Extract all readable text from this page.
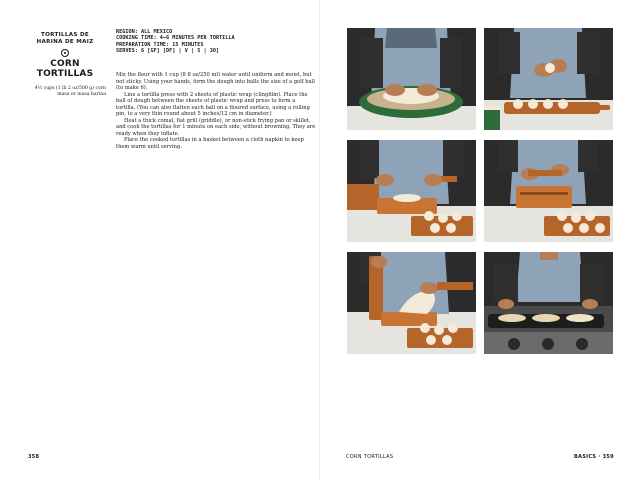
TORTILLAS DE HARINA DE MAIZ
CORN TORTILLAS
4½ cups (1 lb 2 oz/500 g) corn masa or masa harina
REGION: ALL MEXICO
COOKING TIME: 4–6 MINUTES PER TORTILLA
PREPARATION TIME: 15 MINUTES
SERVES: 6 [GF] [DF] | V | 5 | 30]

Mix the flour with 1 cup (8 fl oz/250 ml) water until uniform and moist, but not sticky. Using your hands, form the dough into balls the size of a golf ball (to make 6).

Line a tortilla press with 2 sheets of plastic wrap (clingfilm). Place the ball of dough between the sheets of plastic wrap and press to form a tortilla. (You can also flatten each ball on a floured surface, using a rolling pin, to a very thin round about 5 inches/12 cm in diameter.)

Heat a thick comal, flat grill (griddle), or non-stick frying pan or skillet, and cook the tortillas for 1 minute on each side, without browning. They are ready when they inflate.

Place the cooked tortillas in a basket between a cloth napkin to keep them warm until serving.

358	CORN TORTILLAS	BASICS · 359
